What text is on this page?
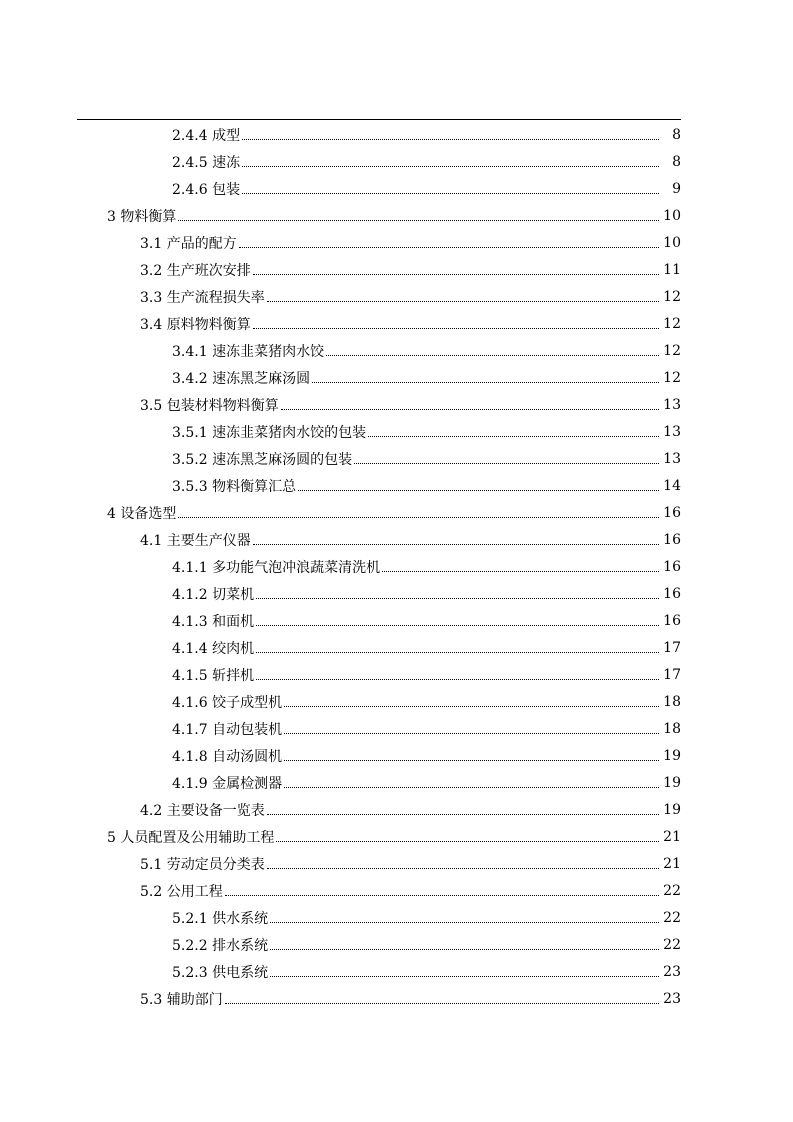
2.4.4 成型	8
2.4.5 速冻	8
2.4.6 包装	9
3 物料衡算	10
3.1 产品的配方	10
3.2 生产班次安排	11
3.3 生产流程损失率	12
3.4 原料物料衡算	12
3.4.1 速冻韭菜猪肉水饺	12
3.4.2 速冻黑芝麻汤圆	12
3.5 包装材料物料衡算	13
3.5.1 速冻韭菜猪肉水饺的包装	13
3.5.2 速冻黑芝麻汤圆的包装	13
3.5.3 物料衡算汇总	14
4 设备选型	16
4.1 主要生产仪器	16
4.1.1 多功能气泡冲浪蔬菜清洗机	16
4.1.2 切菜机	16
4.1.3 和面机	16
4.1.4 绞肉机	17
4.1.5 斩拌机	17
4.1.6 饺子成型机	18
4.1.7 自动包装机	18
4.1.8 自动汤圆机	19
4.1.9 金属检测器	19
4.2 主要设备一览表	19
5 人员配置及公用辅助工程	21
5.1 劳动定员分类表	21
5.2 公用工程	22
5.2.1 供水系统	22
5.2.2 排水系统	22
5.2.3 供电系统	23
5.3 辅助部门	23
